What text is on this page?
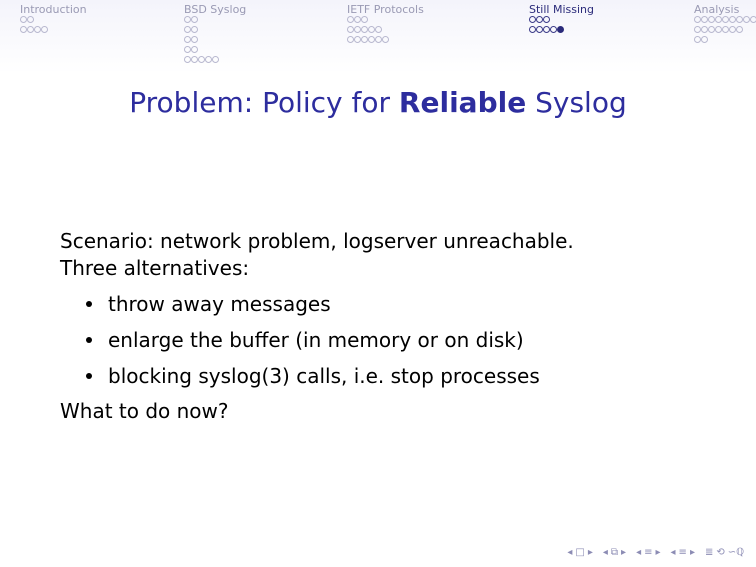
Introduction	BSD Syslog	IETF Protocols	Still Missing	Analysis
Problem: Policy for Reliable Syslog

Scenario: network problem, logserver unreachable.

Three alternatives:

throw away messages
enlarge the buffer (in memory or on disk)
blocking syslog(3) calls, i.e. stop processes

What to do now?

◂ □ ▸ ◂ ⧉ ▸ ◂ ≡ ▸ ◂ ≡ ▸ ≣ ⟲ ∽ℚ
